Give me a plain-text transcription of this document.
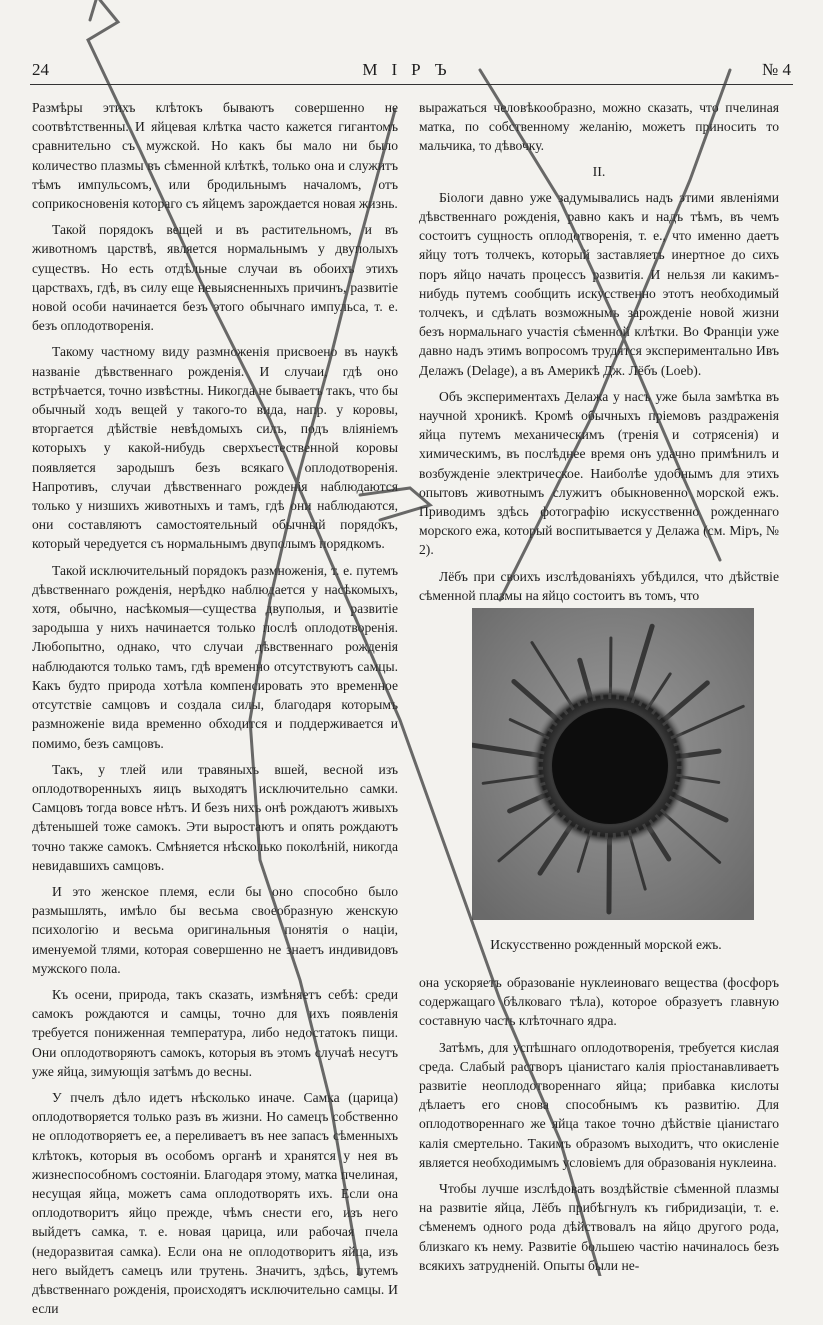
24	МІРЪ	№ 4

Размѣры этихъ клѣтокъ бываютъ совершенно не соотвѣтственны. И яйцевая клѣтка часто кажется гигантомъ сравнительно съ мужской. Но какъ бы мало ни было количество плазмы въ сѣменной клѣткѣ, только она и служитъ тѣмъ импульсомъ, или бродильнымъ началомъ, отъ соприкосновенія котораго съ яйцемъ зарождается новая жизнь.

Такой порядокъ вещей и въ растительномъ, и въ животномъ царствѣ, является нормальнымъ у двуполыхъ существъ. Но есть отдѣльные случаи въ обоихъ этихъ царствахъ, гдѣ, въ силу еще невыясненныхъ причинъ, развитіе новой особи начинается безъ этого обычнаго импульса, т. е. безъ оплодотворенія.

Такому частному виду размноженія присвоено въ наукѣ названіе дѣвственнаго рожденія. И случаи, гдѣ оно встрѣчается, точно извѣстны. Никогда не бываетъ такъ, что бы обычный ходъ вещей у такого-то вида, напр. у коровы, вторгается дѣйствіе невѣдомыхъ силъ, подъ вліяніемъ которыхъ у какой-нибудь сверхъестественной коровы появляется зародышъ безъ всякаго оплодотворенія. Напротивъ, случаи дѣвственнаго рожденія наблюдаются только у низшихъ животныхъ и тамъ, гдѣ они наблюдаются, они составляютъ самостоятельный обычный порядокъ, который чередуется съ нормальнымъ двуполымъ порядкомъ.

Такой исключительный порядокъ размноженія, т. е. путемъ дѣвственнаго рожденія, нерѣдко наблюдается у насѣкомыхъ, хотя, обычно, насѣкомыя—существа двуполыя, и развитіе зародыша у нихъ начинается только послѣ оплодотворенія. Любопытно, однако, что случаи дѣвственнаго рожденія наблюдаются только тамъ, гдѣ временно отсутствуютъ самцы. Какъ будто природа хотѣла компенсировать это временное отсутствіе самцовъ и создала силы, благодаря которымъ размноженіе вида временно обходится и поддерживается и помимо, безъ самцовъ.

Такъ, у тлей или травяныхъ вшей, весной изъ оплодотворенныхъ яицъ выходятъ исключительно самки. Самцовъ тогда вовсе нѣтъ. И безъ нихъ онѣ рождаютъ живыхъ дѣтенышей тоже самокъ. Эти выростаютъ и опять рождаютъ точно также самокъ. Смѣняется нѣсколько поколѣній, никогда невидавшихъ самцовъ.

И это женское племя, если бы оно способно было размышлять, имѣло бы весьма своеобразную женскую психологію и весьма оригинальныя понятія о націи, именуемой тлями, которая совершенно не знаетъ индивидовъ мужского пола.

Къ осени, природа, такъ сказать, измѣняетъ себѣ: среди самокъ рождаются и самцы, точно для ихъ появленія требуется пониженная температура, либо недостатокъ пищи. Они оплодотворяютъ самокъ, которыя въ этомъ случаѣ несутъ уже яйца, зимующія затѣмъ до весны.

У пчелъ дѣло идетъ нѣсколько иначе. Самка (царица) оплодотворяется только разъ въ жизни. Но самецъ собственно не оплодотворяетъ ее, а переливаетъ въ нее запасъ сѣменныхъ клѣтокъ, которыя въ особомъ органѣ и хранятся у нея въ жизнеспособномъ состояніи. Благодаря этому, матка пчелиная, несущая яйца, можетъ сама оплодотворять ихъ. Если она оплодотворитъ яйцо прежде, чѣмъ снести его, изъ него выйдетъ самка, т. е. новая царица, или рабочая пчела (недоразвитая самка). Если она не оплодотворитъ яйца, изъ него выйдетъ самецъ или трутень. Значитъ, здѣсь, путемъ дѣвственнаго рожденія, происходятъ исключительно самцы. И если

выражаться человѣкообразно, можно сказать, что пчелиная матка, по собственному желанію, можетъ приносить то мальчика, то дѣвочку.

II.

Біологи давно уже задумывались надъ этими явленіями дѣвственнаго рожденія, равно какъ и надъ тѣмъ, въ чемъ состоитъ сущность оплодотворенія, т. е., что именно даетъ яйцу тотъ толчекъ, который заставляетъ инертное до сихъ поръ яйцо начать процессъ развитія. И нельзя ли какимъ-нибудь путемъ сообщить искусственно этотъ необходимый толчекъ, и сдѣлать возможнымъ зарожденіе новой жизни безъ нормальнаго участія сѣменной клѣтки. Во Франціи уже давно надъ этимъ вопросомъ трудятся экспериментально Ивъ Делажъ (Delage), а въ Америкѣ Дж. Лёбъ (Loeb).

Объ экспериментахъ Делажа у насъ уже была замѣтка въ научной хроникѣ. Кромѣ обычныхъ пріемовъ раздраженія яйца путемъ механическимъ (тренія и сотрясенія) и химическимъ, въ послѣднее время онъ удачно примѣнилъ и возбужденіе электрическое. Наиболѣе удобнымъ для этихъ опытовъ животнымъ служитъ обыкновенно морской ежъ. Приводимъ здѣсь фотографію искусственно рожденнаго морского ежа, который воспитывается у Делажа (см. Міръ, № 2).

Лёбъ при своихъ изслѣдованіяхъ убѣдился, что дѣйствіе сѣменной плазмы на яйцо состоитъ въ томъ, что

Искусственно рожденный морской ежъ.

она ускоряетъ образованіе нуклеиноваго вещества (фосфоръ содержащаго бѣлковаго тѣла), которое образуетъ главную составную часть клѣточнаго ядра.

Затѣмъ, для успѣшнаго оплодотворенія, требуется кислая среда. Слабый растворъ ціанистаго калія пріостанавливаетъ развитіе неоплодотвореннаго яйца; прибавка кислоты дѣлаетъ его снова способнымъ къ развитію. Для оплодотвореннаго же яйца такое точно дѣйствіе ціанистаго калія смертельно. Такимъ образомъ выходитъ, что окисленіе является необходимымъ условіемъ для образованія нуклеина.

Чтобы лучше изслѣдовать воздѣйствіе сѣменной плазмы на развитіе яйца, Лёбъ прибѣгнулъ къ гибридизаціи, т. е. сѣменемъ одного рода дѣйствовалъ на яйцо другого рода, близкаго къ нему. Развитіе большею частію начиналось безъ всякихъ затрудненій. Опыты были не-
